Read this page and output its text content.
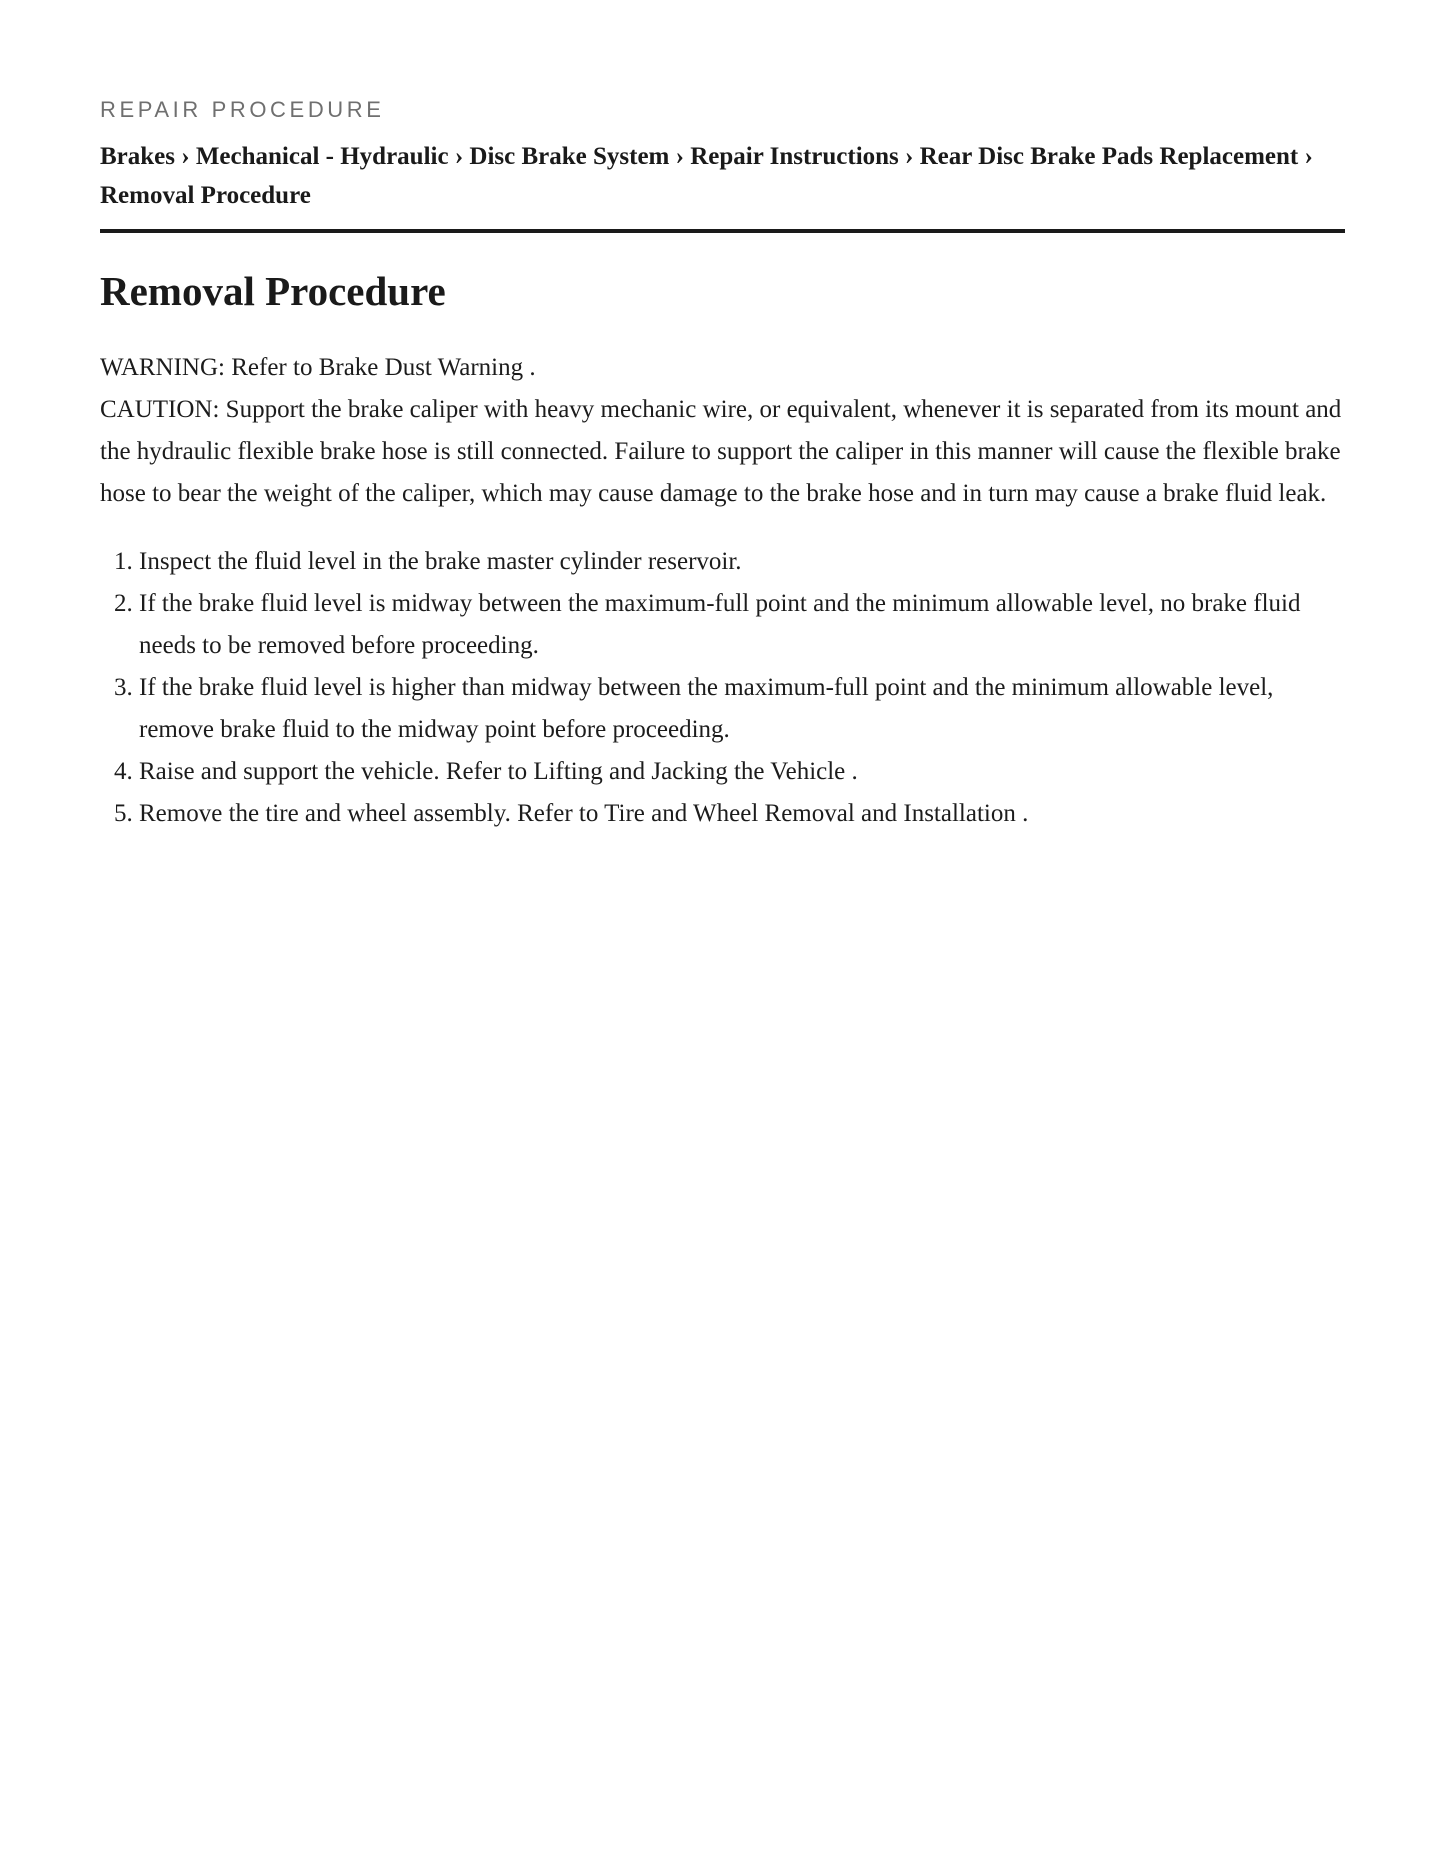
REPAIR PROCEDURE
Brakes › Mechanical - Hydraulic › Disc Brake System › Repair Instructions › Rear Disc Brake Pads Replacement › Removal Procedure
Removal Procedure

WARNING: Refer to Brake Dust Warning .

CAUTION: Support the brake caliper with heavy mechanic wire, or equivalent, whenever it is separated from its mount and the hydraulic flexible brake hose is still connected. Failure to support the caliper in this manner will cause the flexible brake hose to bear the weight of the caliper, which may cause damage to the brake hose and in turn may cause a brake fluid leak.

1. Inspect the fluid level in the brake master cylinder reservoir.
2. If the brake fluid level is midway between the maximum-full point and the minimum allowable level, no brake fluid needs to be removed before proceeding.
3. If the brake fluid level is higher than midway between the maximum-full point and the minimum allowable level, remove brake fluid to the midway point before proceeding.
4. Raise and support the vehicle. Refer to Lifting and Jacking the Vehicle .
5. Remove the tire and wheel assembly. Refer to Tire and Wheel Removal and Installation .
